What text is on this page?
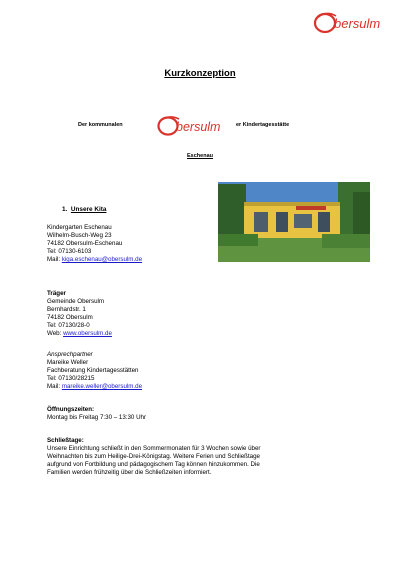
bersulm
Kurzkonzeption
Der kommunalen	bersulm	er Kindertagesstätte
Eschenau
1. Unsere Kita
Kindergarten Eschenau
Wilhelm-Busch-Weg 23
74182 Obersulm-Eschenau
Tel: 07130-6103
Mail: kiga.eschenau@obersulm.de
Träger
Gemeinde Obersulm
Bernhardstr. 1
74182 Obersulm
Tel: 07130/28-0
Web: www.obersulm.de
Ansprechpartner
Mareike Weller
Fachberatung Kindertagesstätten
Tel: 07130/28215
Mail: mareike.weller@obersulm.de
Öffnungszeiten:
Montag bis Freitag 7:30 – 13:30 Uhr
Schließtage:
Unsere Einrichtung schließt in den Sommermonaten für 3 Wochen sowie über
Weihnachten bis zum Heilige-Drei-Königstag. Weitere Ferien und Schließtage
aufgrund von Fortbildung und pädagogischem Tag können hinzukommen. Die
Familien werden frühzeitig über die Schließzeiten informiert.
